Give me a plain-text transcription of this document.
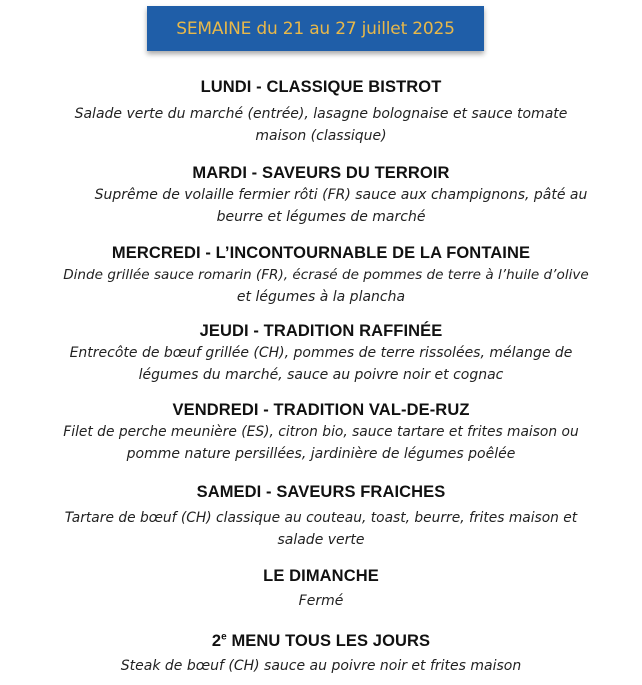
SEMAINE du 21 au 27 juillet 2025
LUNDI - CLASSIQUE BISTROT
Salade verte du marché (entrée), lasagne bolognaise et sauce tomate
maison (classique)
MARDI - SAVEURS DU TERROIR
Suprême de volaille fermier rôti (FR) sauce aux champignons, pâté au
beurre et légumes de marché
MERCREDI - L’INCONTOURNABLE DE LA FONTAINE
Dinde grillée sauce romarin (FR), écrasé de pommes de terre à l’huile d’olive
et légumes à la plancha
JEUDI - TRADITION RAFFINÉE
Entrecôte de bœuf grillée (CH), pommes de terre rissolées, mélange de
légumes du marché, sauce au poivre noir et cognac
VENDREDI - TRADITION VAL-DE-RUZ
Filet de perche meunière (ES), citron bio, sauce tartare et frites maison ou
pomme nature persillées, jardinière de légumes poêlée
SAMEDI - SAVEURS FRAICHES
Tartare de bœuf (CH) classique au couteau, toast, beurre, frites maison et
salade verte
LE DIMANCHE
Fermé
2e MENU TOUS LES JOURS
Steak de bœuf (CH) sauce au poivre noir et frites maison
